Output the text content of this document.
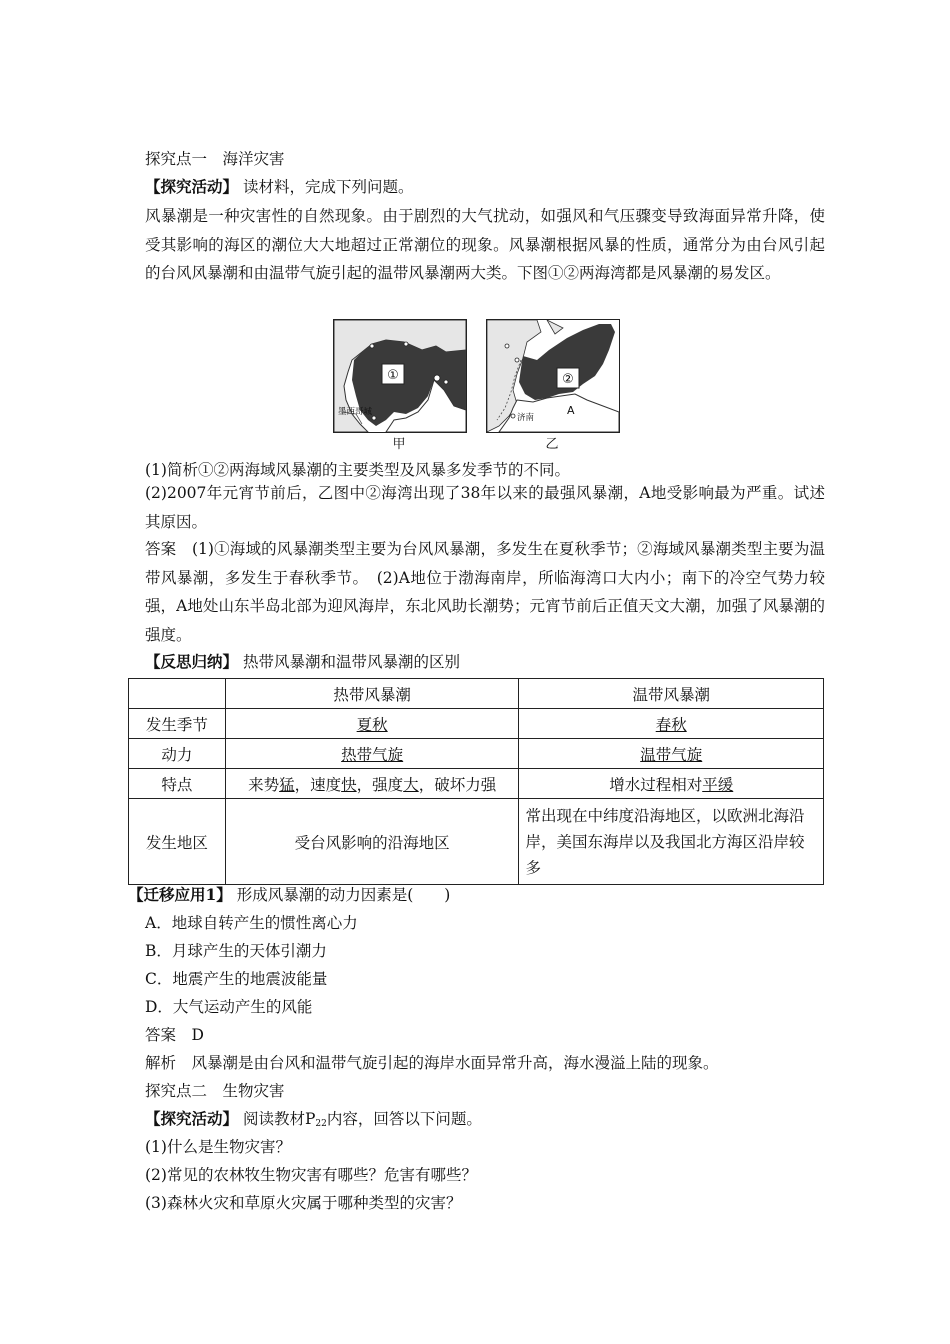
探究点一　海洋灾害
【探究活动】 读材料，完成下列问题。
风暴潮是一种灾害性的自然现象。由于剧烈的大气扰动，如强风和气压骤变导致海面异常升降，使受其影响的海区的潮位大大地超过正常潮位的现象。风暴潮根据风暴的性质，通常分为由台风引起的台风风暴潮和由温带气旋引起的温带风暴潮两大类。下图①②两海湾都是风暴潮的易发区。
①
墨西哥城
甲
②
济南
A
乙
(1)简析①②两海域风暴潮的主要类型及风暴多发季节的不同。
(2)2007年元宵节前后，乙图中②海湾出现了38年以来的最强风暴潮，A地受影响最为严重。试述其原因。
答案　(1)①海域的风暴潮类型主要为台风风暴潮，多发生在夏秋季节；②海域风暴潮类型主要为温带风暴潮，多发生于春秋季节。　(2)A地位于渤海南岸，所临海湾口大内小；南下的冷空气势力较强，A地处山东半岛北部为迎风海岸，东北风助长潮势；元宵节前后正值天文大潮，加强了风暴潮的强度。
【反思归纳】 热带风暴潮和温带风暴潮的区别
	热带风暴潮	温带风暴潮
发生季节	夏秋	春秋
动力	热带气旋	温带气旋
特点	来势猛，速度快，强度大，破坏力强	增水过程相对平缓
发生地区	受台风影响的沿海地区	常出现在中纬度沿海地区，以欧洲北海沿岸，美国东海岸以及我国北方海区沿岸较多
【迁移应用1】 形成风暴潮的动力因素是(　　)
A．地球自转产生的惯性离心力
B．月球产生的天体引潮力
C．地震产生的地震波能量
D．大气运动产生的风能
答案　D
解析　风暴潮是由台风和温带气旋引起的海岸水面异常升高，海水漫溢上陆的现象。
探究点二　生物灾害
【探究活动】 阅读教材$P_{22}$内容，回答以下问题。
(1)什么是生物灾害？
(2)常见的农林牧生物灾害有哪些？危害有哪些？
(3)森林火灾和草原火灾属于哪种类型的灾害？
